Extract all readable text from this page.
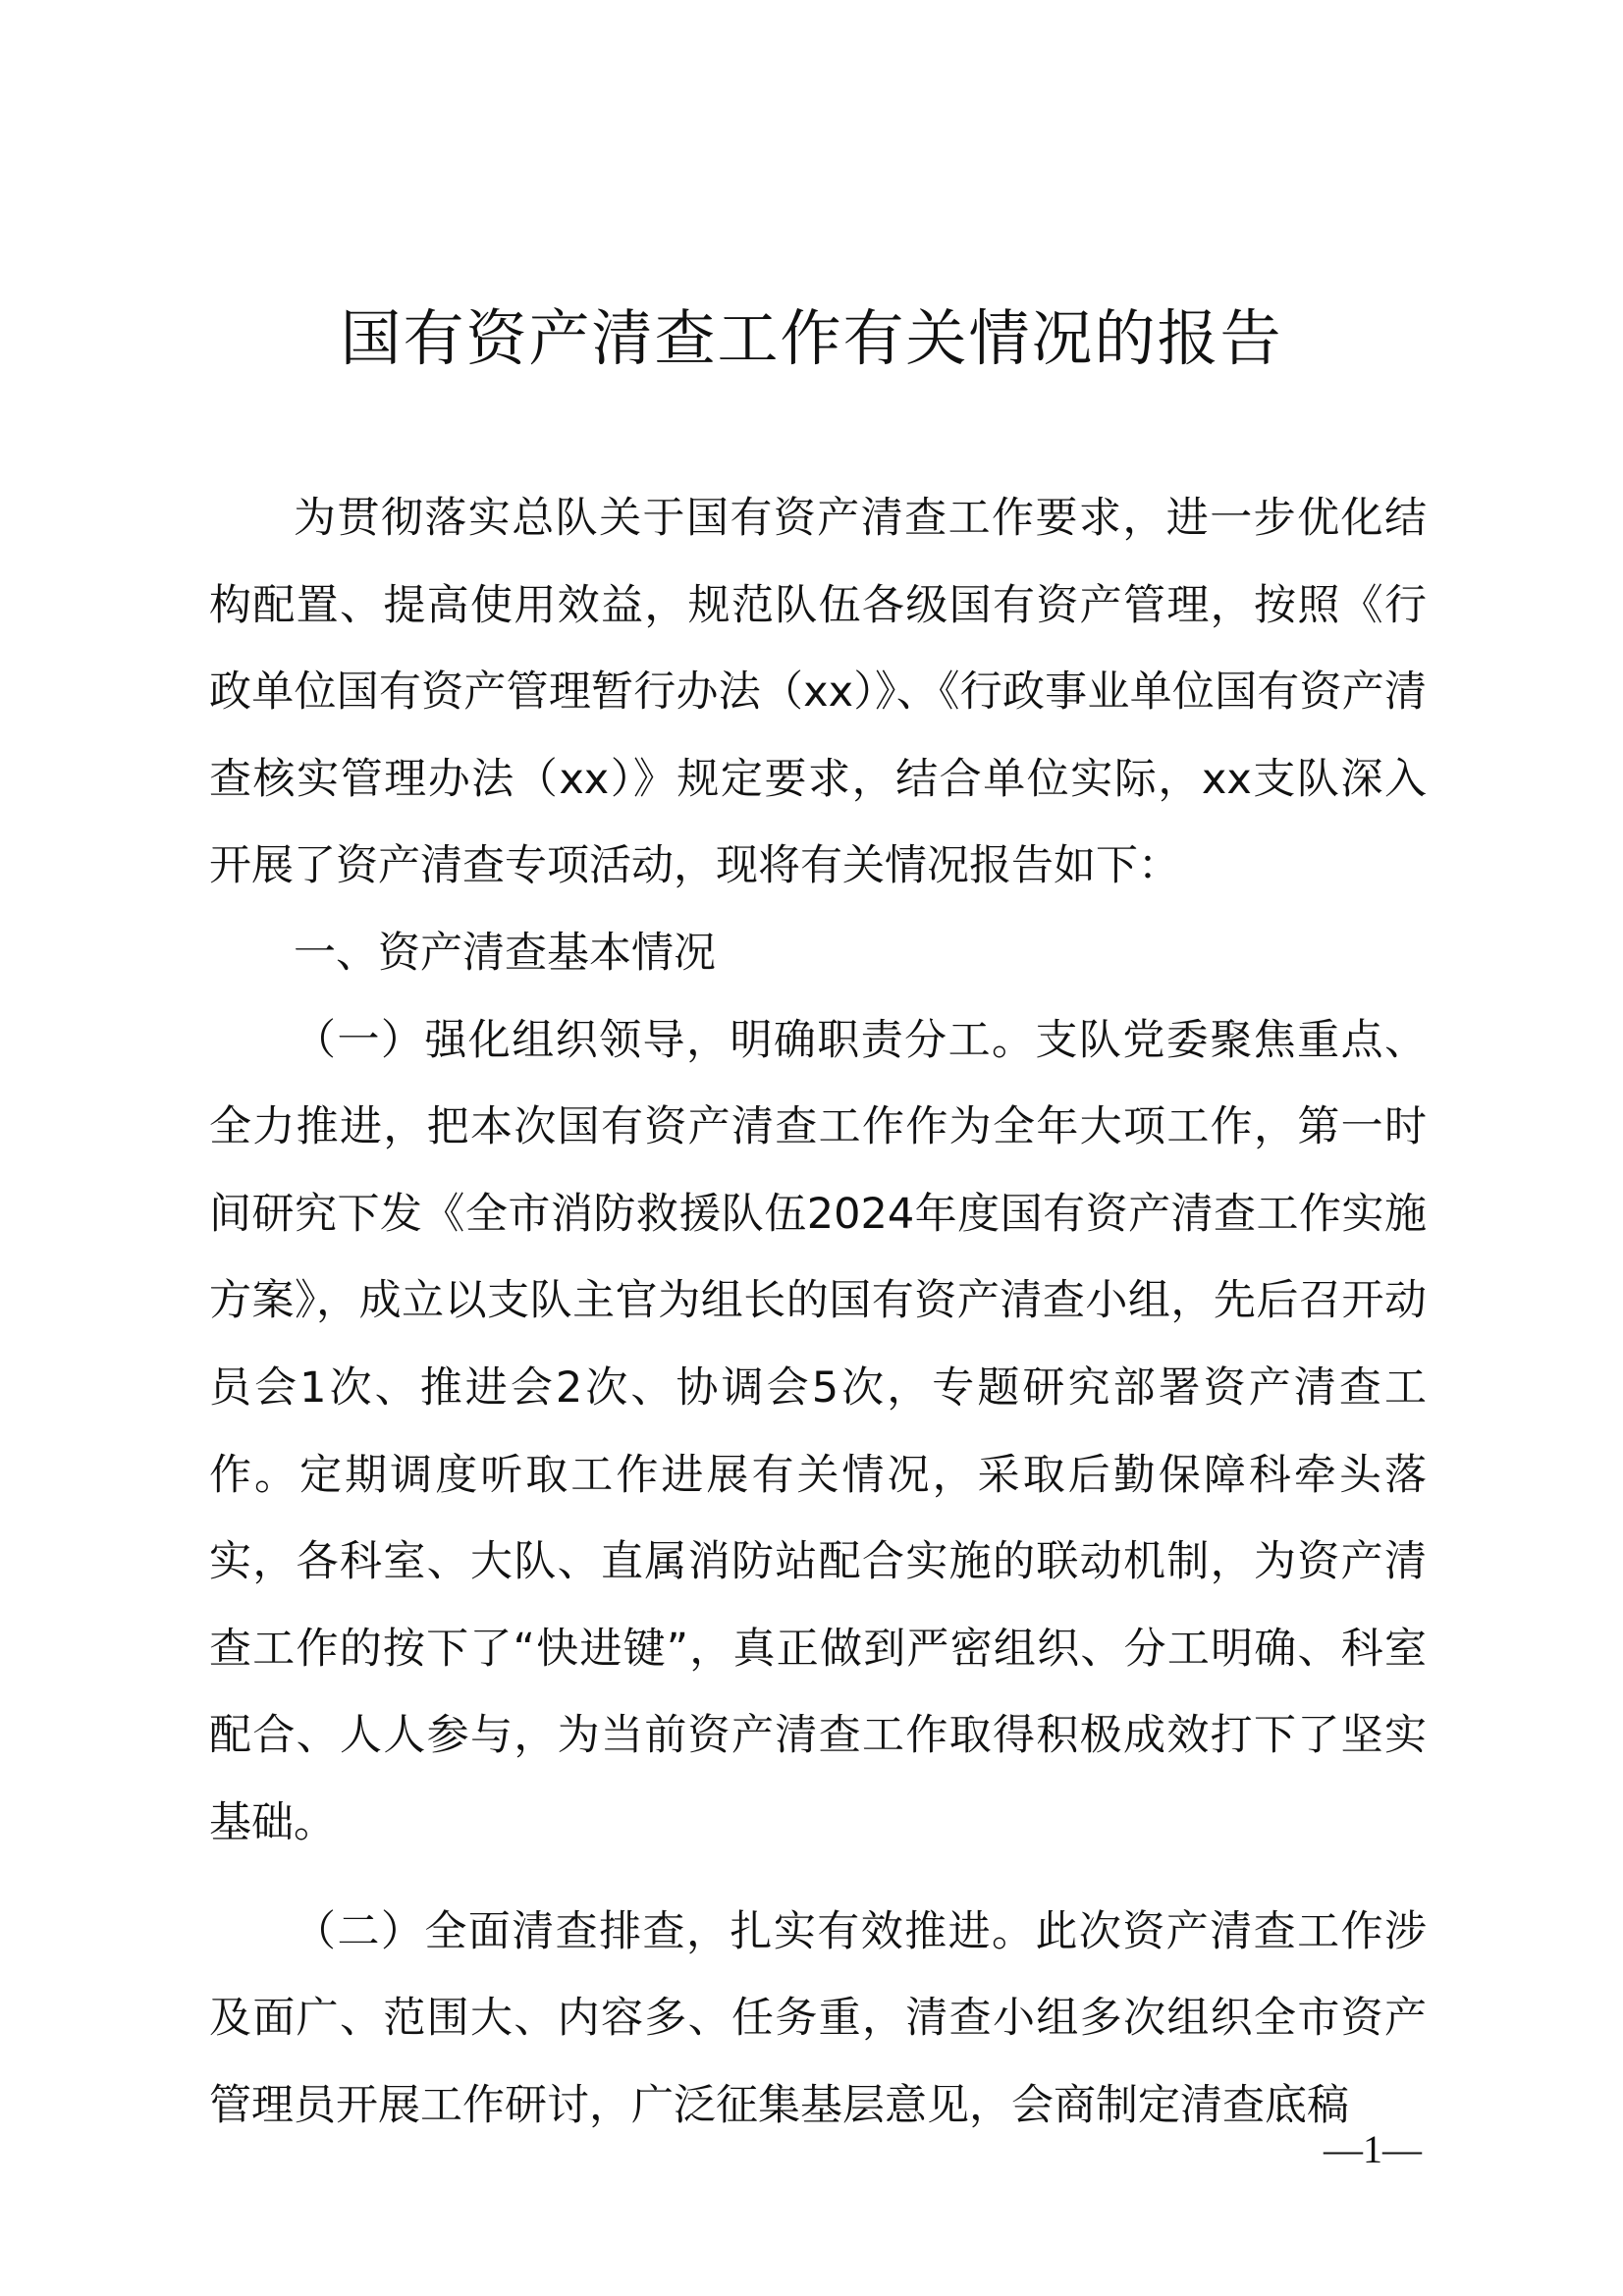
国有资产清查工作有关情况的报告

为贯彻落实总队关于国有资产清查工作要求，进一步优化结构配置、提高使用效益，规范队伍各级国有资产管理，按照《行政单位国有资产管理暂行办法（xx）》、《行政事业单位国有资产清查核实管理办法（xx）》规定要求，结合单位实际，xx支队深入开展了资产清查专项活动，现将有关情况报告如下：

一、资产清查基本情况

（一）强化组织领导，明确职责分工。支队党委聚焦重点、全力推进，把本次国有资产清查工作作为全年大项工作，第一时间研究下发《全市消防救援队伍2024年度国有资产清查工作实施方案》，成立以支队主官为组长的国有资产清查小组，先后召开动员会1次、推进会2次、协调会5次，专题研究部署资产清查工作。定期调度听取工作进展有关情况，采取后勤保障科牵头落实，各科室、大队、直属消防站配合实施的联动机制，为资产清查工作的按下了“快进键”，真正做到严密组织、分工明确、科室配合、人人参与，为当前资产清查工作取得积极成效打下了坚实基础。

（二）全面清查排查，扎实有效推进。此次资产清查工作涉及面广、范围大、内容多、任务重，清查小组多次组织全市资产管理员开展工作研讨，广泛征集基层意见，会商制定清查底稿

—1—
